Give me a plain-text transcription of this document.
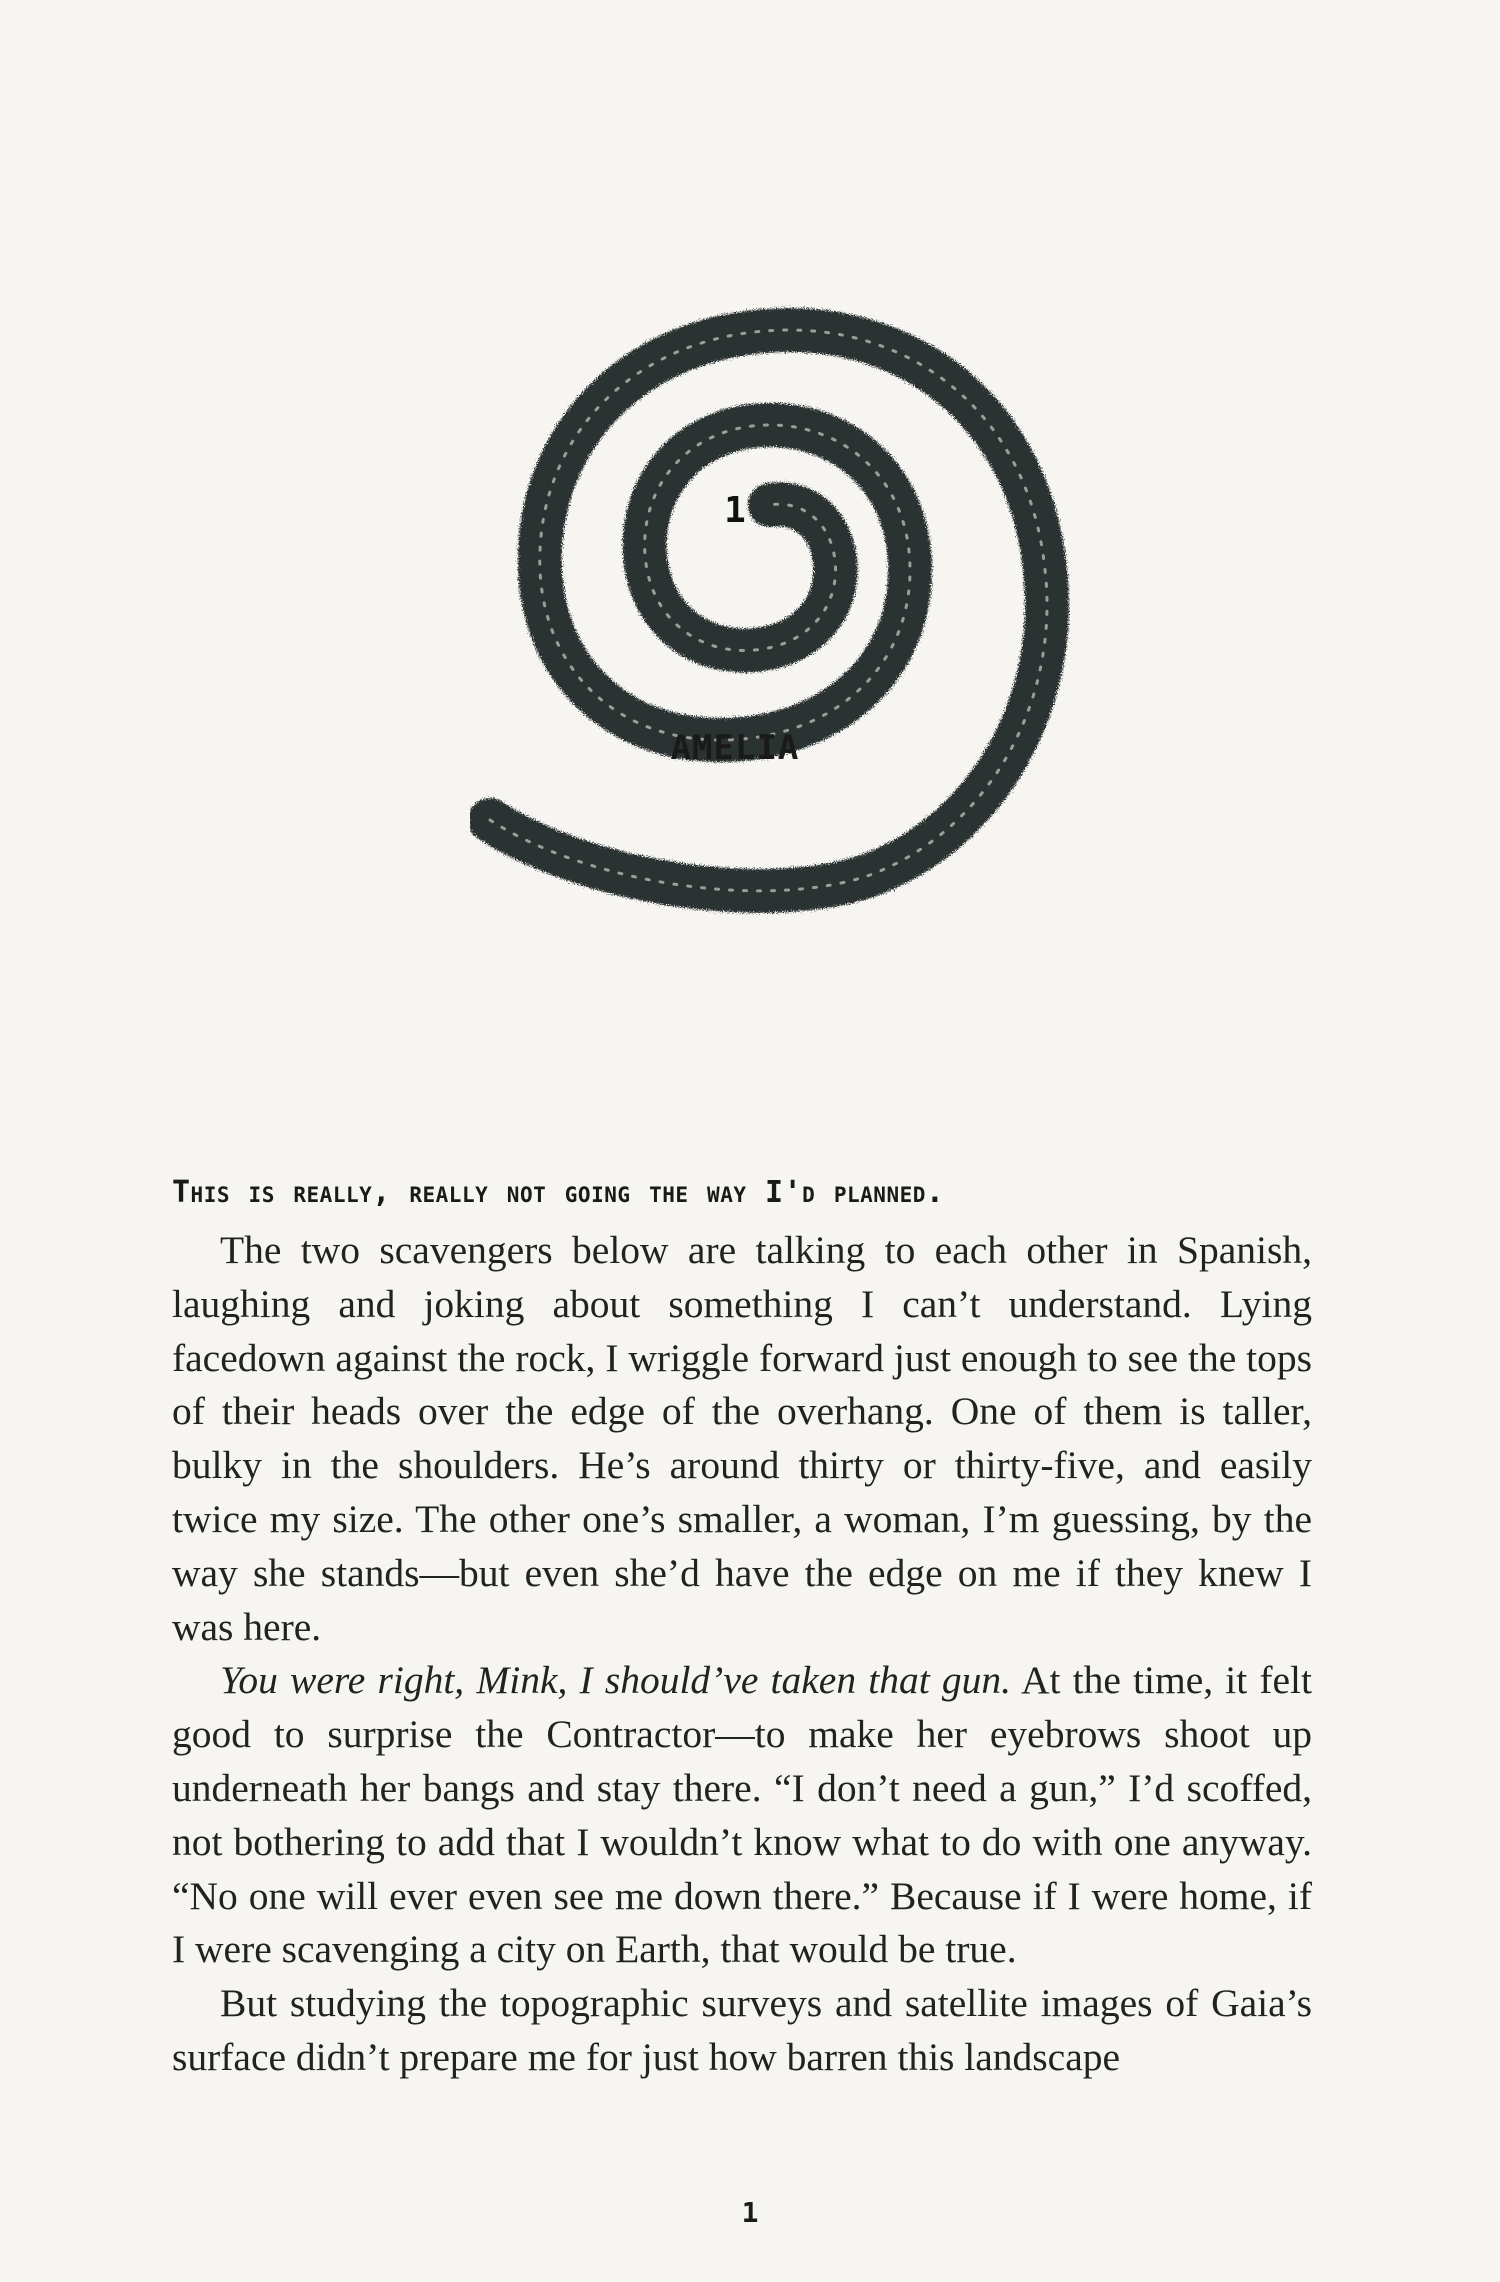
1
AMELIA

This is really, really not going the way I'd planned.

The two scavengers below are talking to each other in Spanish, laughing and joking about something I can’t understand. Lying facedown against the rock, I wriggle forward just enough to see the tops of their heads over the edge of the overhang. One of them is taller, bulky in the shoulders. He’s around thirty or thirty-five, and easily twice my size. The other one’s smaller, a woman, I’m guessing, by the way she stands—but even she’d have the edge on me if they knew I was here.

You were right, Mink, I should’ve taken that gun. At the time, it felt good to surprise the Contractor—to make her eyebrows shoot up underneath her bangs and stay there. “I don’t need a gun,” I’d scoffed, not bothering to add that I wouldn’t know what to do with one anyway. “No one will ever even see me down there.” Because if I were home, if I were scavenging a city on Earth, that would be true.

But studying the topographic surveys and satellite images of Gaia’s surface didn’t prepare me for just how barren this landscape

1
